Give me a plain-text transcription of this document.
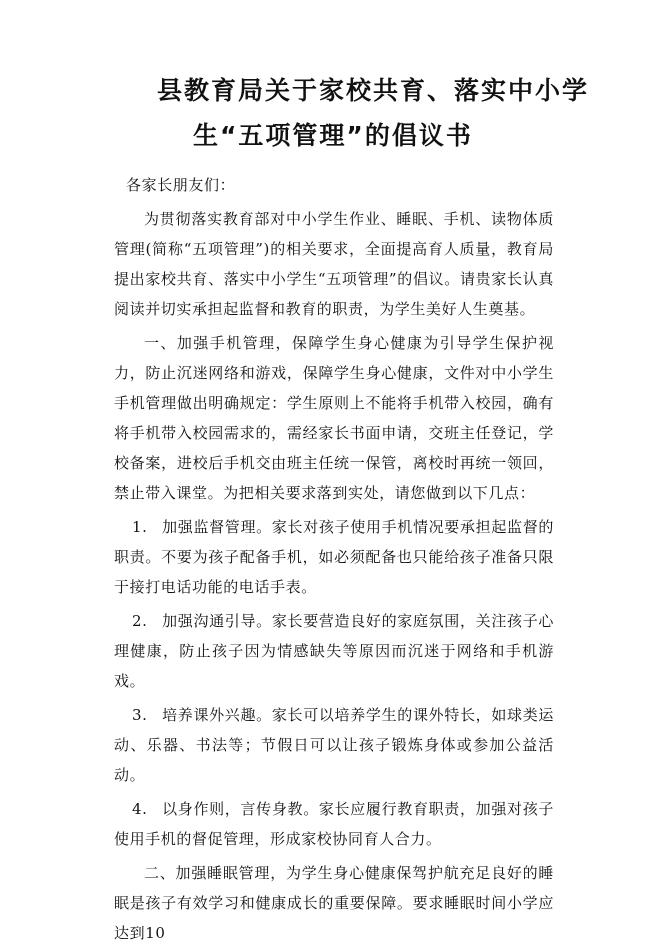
县教育局关于家校共育、落实中小学
生“五项管理”的倡议书

各家长朋友们：

为贯彻落实教育部对中小学生作业、睡眠、手机、读物体质管理(简称“五项管理”)的相关要求，全面提高育人质量，教育局提出家校共育、落实中小学生“五项管理”的倡议。请贵家长认真阅读并切实承担起监督和教育的职责，为学生美好人生奠基。

一、加强手机管理，保障学生身心健康为引导学生保护视力，防止沉迷网络和游戏，保障学生身心健康，文件对中小学生手机管理做出明确规定：学生原则上不能将手机带入校园，确有将手机带入校园需求的，需经家长书面申请，交班主任登记，学校备案，进校后手机交由班主任统一保管，离校时再统一领回，禁止带入课堂。为把相关要求落到实处，请您做到以下几点：

1. 加强监督管理。家长对孩子使用手机情况要承担起监督的职责。不要为孩子配备手机，如必须配备也只能给孩子准备只限于接打电话功能的电话手表。

2. 加强沟通引导。家长要营造良好的家庭氛围，关注孩子心理健康，防止孩子因为情感缺失等原因而沉迷于网络和手机游戏。

3. 培养课外兴趣。家长可以培养学生的课外特长，如球类运动、乐器、书法等；节假日可以让孩子锻炼身体或参加公益活动。

4. 以身作则，言传身教。家长应履行教育职责，加强对孩子使用手机的督促管理，形成家校协同育人合力。

二、加强睡眠管理，为学生身心健康保驾护航充足良好的睡眠是孩子有效学习和健康成长的重要保障。要求睡眠时间小学应达到10
